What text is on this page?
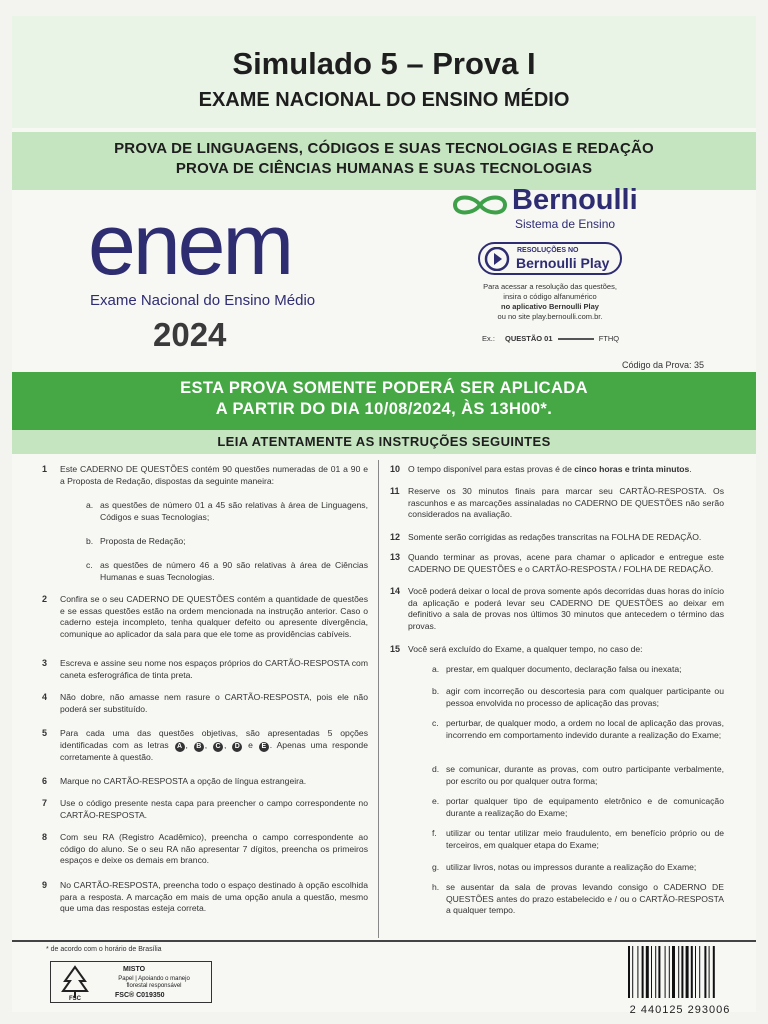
Simulado 5 – Prova I
EXAME NACIONAL DO ENSINO MÉDIO
PROVA DE LINGUAGENS, CÓDIGOS E SUAS TECNOLOGIAS E REDAÇÃO
PROVA DE CIÊNCIAS HUMANAS E SUAS TECNOLOGIAS
enem
Exame Nacional do Ensino Médio
2024
Bernoulli
Sistema de Ensino
RESOLUÇÕES NO
Bernoulli Play
Para acessar a resolução das questões,
insira o código alfanumérico
no aplicativo Bernoulli Play
ou no site play.bernoulli.com.br.
Ex.: QUESTÃO 01	FTHQ
Código da Prova: 35
ESTA PROVA SOMENTE PODERÁ SER APLICADA
A PARTIR DO DIA 10/08/2024, ÀS 13H00*.
LEIA ATENTAMENTE AS INSTRUÇÕES SEGUINTES
1 Este CADERNO DE QUESTÕES contém 90 questões numeradas de 01 a 90 e a Proposta de Redação, dispostas da seguinte maneira:
a. as questões de número 01 a 45 são relativas à área de Linguagens, Códigos e suas Tecnologias;
b. Proposta de Redação;
c. as questões de número 46 a 90 são relativas à área de Ciências Humanas e suas Tecnologias.
2 Confira se o seu CADERNO DE QUESTÕES contém a quantidade de questões e se essas questões estão na ordem mencionada na instrução anterior. Caso o caderno esteja incompleto, tenha qualquer defeito ou apresente divergência, comunique ao aplicador da sala para que ele tome as providências cabíveis.
3 Escreva e assine seu nome nos espaços próprios do CARTÃO-RESPOSTA com caneta esferográfica de tinta preta.
4 Não dobre, não amasse nem rasure o CARTÃO-RESPOSTA, pois ele não poderá ser substituído.
5 Para cada uma das questões objetivas, são apresentadas 5 opções identificadas com as letras A , B , C , D e E . Apenas uma responde corretamente à questão.
6 Marque no CARTÃO-RESPOSTA a opção de língua estrangeira.
7 Use o código presente nesta capa para preencher o campo correspondente no CARTÃO-RESPOSTA.
8 Com seu RA (Registro Acadêmico), preencha o campo correspondente ao código do aluno. Se o seu RA não apresentar 7 dígitos, preencha os primeiros espaços e deixe os demais em branco.
9 No CARTÃO-RESPOSTA, preencha todo o espaço destinado à opção escolhida para a resposta. A marcação em mais de uma opção anula a questão, mesmo que uma das respostas esteja correta.
10 O tempo disponível para estas provas é de cinco horas e trinta minutos.
11 Reserve os 30 minutos finais para marcar seu CARTÃO-RESPOSTA. Os rascunhos e as marcações assinaladas no CADERNO DE QUESTÕES não serão considerados na avaliação.
12 Somente serão corrigidas as redações transcritas na FOLHA DE REDAÇÃO.
13 Quando terminar as provas, acene para chamar o aplicador e entregue este CADERNO DE QUESTÕES e o CARTÃO-RESPOSTA / FOLHA DE REDAÇÃO.
14 Você poderá deixar o local de prova somente após decorridas duas horas do início da aplicação e poderá levar seu CADERNO DE QUESTÕES ao deixar em definitivo a sala de provas nos últimos 30 minutos que antecedem o término das provas.
15 Você será excluído do Exame, a qualquer tempo, no caso de:
a. prestar, em qualquer documento, declaração falsa ou inexata;
b. agir com incorreção ou descortesia para com qualquer participante ou pessoa envolvida no processo de aplicação das provas;
c. perturbar, de qualquer modo, a ordem no local de aplicação das provas, incorrendo em comportamento indevido durante a realização do Exame;
d. se comunicar, durante as provas, com outro participante verbalmente, por escrito ou por qualquer outra forma;
e. portar qualquer tipo de equipamento eletrônico e de comunicação durante a realização do Exame;
f. utilizar ou tentar utilizar meio fraudulento, em benefício próprio ou de terceiros, em qualquer etapa do Exame;
g. utilizar livros, notas ou impressos durante a realização do Exame;
h. se ausentar da sala de provas levando consigo o CADERNO DE QUESTÕES antes do prazo estabelecido e / ou o CARTÃO-RESPOSTA a qualquer tempo.
* de acordo com o horário de Brasília
FSC
MISTO
Papel | Apoiando o manejo
florestal responsável
FSC® C019350
2 440125 293006
